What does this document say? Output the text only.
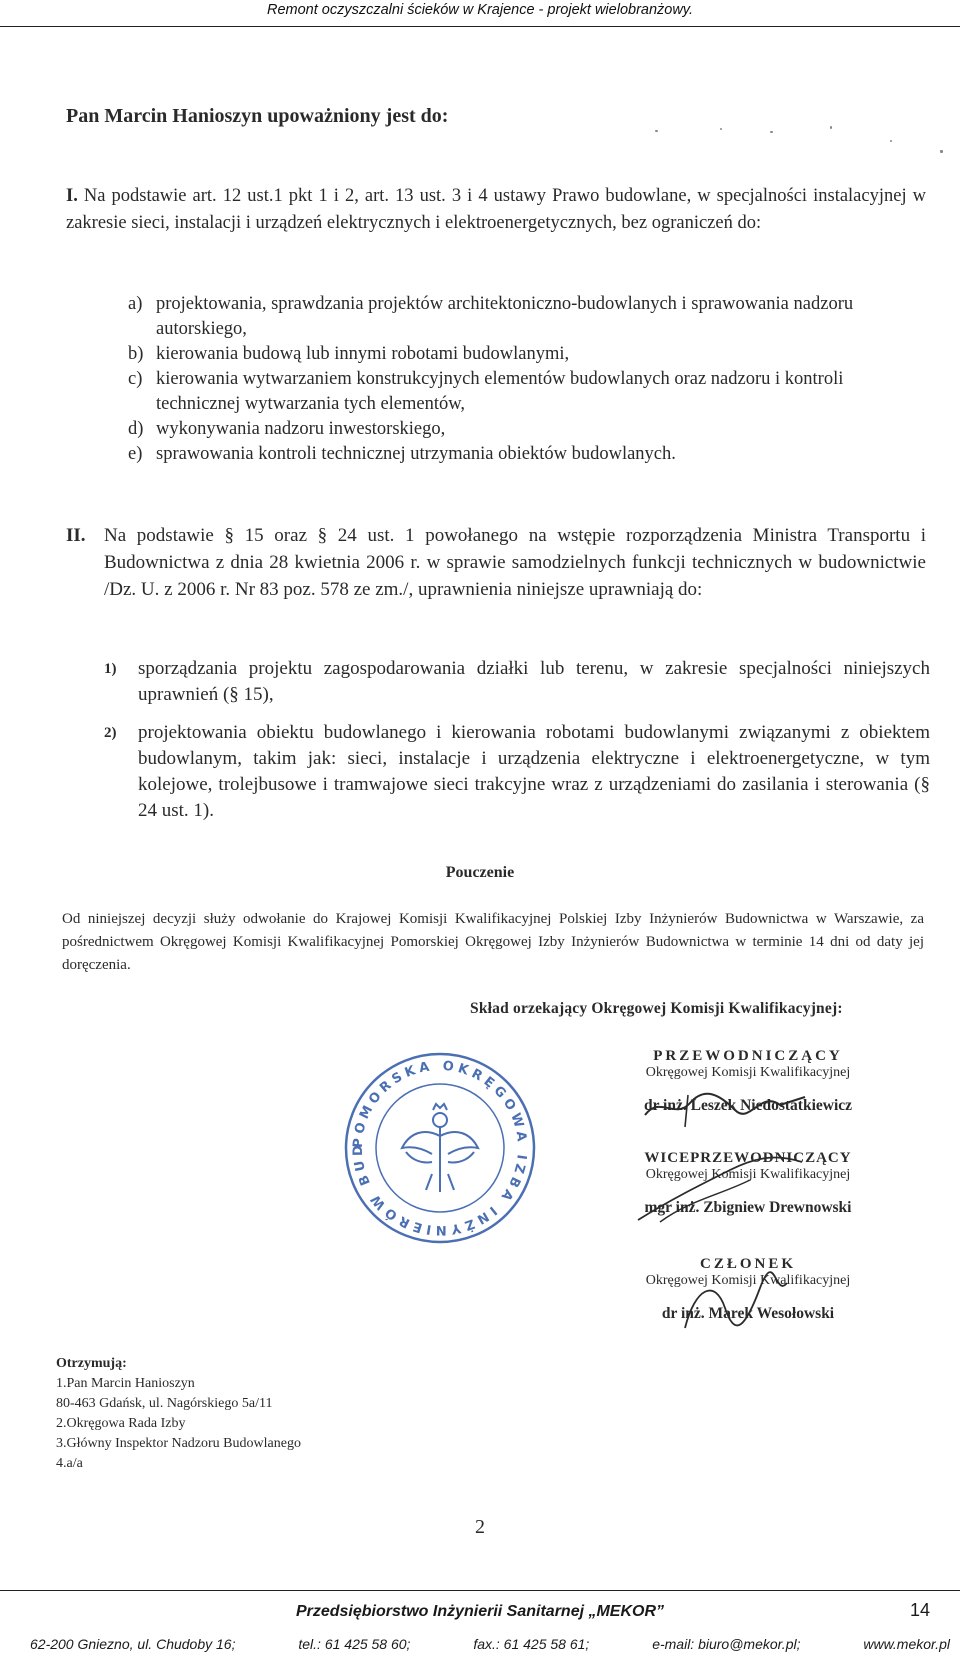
Remont oczyszczalni ścieków w Krajence - projekt wielobranżowy.
Pan Marcin Hanioszyn upoważniony jest do:
I. Na podstawie art. 12 ust.1 pkt 1 i 2, art. 13 ust. 3 i 4 ustawy Prawo budowlane, w specjalności instalacyjnej w zakresie sieci, instalacji i urządzeń elektrycznych i elektroenergetycznych, bez ograniczeń do:
a) projektowania, sprawdzania projektów architektoniczno-budowlanych i sprawowania nadzoru autorskiego,
b) kierowania budową lub innymi robotami budowlanymi,
c) kierowania wytwarzaniem konstrukcyjnych elementów budowlanych oraz nadzoru i kontroli technicznej wytwarzania tych elementów,
d) wykonywania nadzoru inwestorskiego,
e) sprawowania kontroli technicznej utrzymania obiektów budowlanych.
II. Na podstawie § 15 oraz § 24 ust. 1 powołanego na wstępie rozporządzenia Ministra Transportu i Budownictwa z dnia 28 kwietnia 2006 r. w sprawie samodzielnych funkcji technicznych w budownictwie /Dz. U. z 2006 r. Nr 83 poz. 578 ze zm./, uprawnienia niniejsze uprawniają do:
1) sporządzania projektu zagospodarowania działki lub terenu, w zakresie specjalności niniejszych uprawnień (§ 15),
2) projektowania obiektu budowlanego i kierowania robotami budowlanymi związanymi z obiektem budowlanym, takim jak: sieci, instalacje i urządzenia elektryczne i elektroenergetyczne, w tym kolejowe, trolejbusowe i tramwajowe sieci trakcyjne wraz z urządzeniami do zasilania i sterowania (§ 24 ust. 1).
Pouczenie
Od niniejszej decyzji służy odwołanie do Krajowej Komisji Kwalifikacyjnej Polskiej Izby Inżynierów Budownictwa w Warszawie, za pośrednictwem Okręgowej Komisji Kwalifikacyjnej Pomorskiej Okręgowej Izby Inżynierów Budownictwa w terminie 14 dni od daty jej doręczenia.
Skład orzekający Okręgowej Komisji Kwalifikacyjnej:
POMORSKA OKRĘGOWA IZBA INŻYNIERÓW BUD
PRZEWODNICZĄCY
Okręgowej Komisji Kwalifikacyjnej
dr inż. Leszek Niedostatkiewicz
WICEPRZEWODNICZĄCY
Okręgowej Komisji Kwalifikacyjnej
mgr inż. Zbigniew Drewnowski
CZŁONEK
Okręgowej Komisji Kwalifikacyjnej
dr inż. Marek Wesołowski
Otrzymują:
1.Pan Marcin Hanioszyn
80-463 Gdańsk, ul. Nagórskiego 5a/11
2.Okręgowa Rada Izby
3.Główny Inspektor Nadzoru Budowlanego
4.a/a
2
Przedsiębiorstwo Inżynierii Sanitarnej „MEKOR”	14
62-200 Gniezno, ul. Chudoby 16;	tel.: 61 425 58 60;	fax.: 61 425 58 61;	e-mail: biuro@mekor.pl;	www.mekor.pl
